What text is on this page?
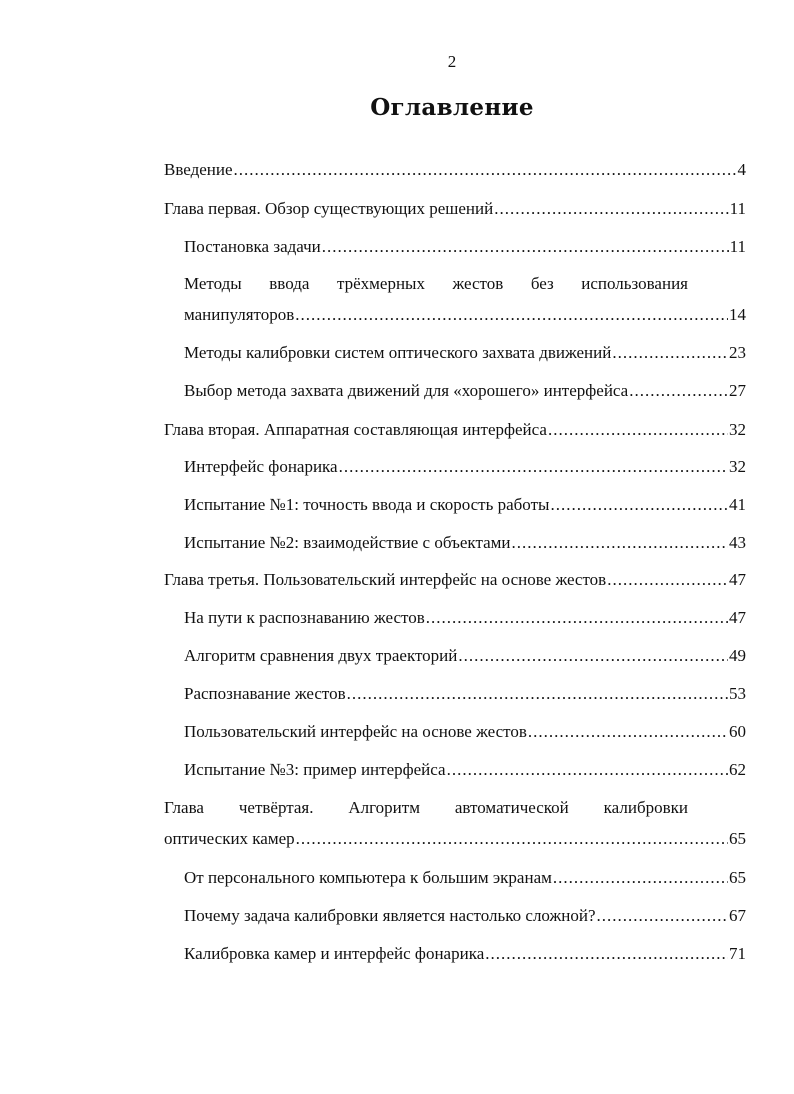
2
Оглавление
Введение .....	4
Глава первая. Обзор существующих решений .....	11
Постановка задачи .....	11
Методы ввода трёхмерных жестов без использования
манипуляторов .....	14
Методы калибровки систем оптического захвата движений .....	23
Выбор метода захвата движений для «хорошего» интерфейса .....	27
Глава вторая. Аппаратная составляющая интерфейса .....	32
Интерфейс фонарика .....	32
Испытание №1: точность ввода и скорость работы .....	41
Испытание №2: взаимодействие с объектами .....	43
Глава третья. Пользовательский интерфейс на основе жестов .....	47
На пути к распознаванию жестов .....	47
Алгоритм сравнения двух траекторий .....	49
Распознавание жестов .....	53
Пользовательский интерфейс на основе жестов .....	60
Испытание №3: пример интерфейса .....	62
Глава четвёртая. Алгоритм автоматической калибровки
оптических камер .....	65
От персонального компьютера к большим экранам .....	65
Почему задача калибровки является настолько сложной? .....	67
Калибровка камер и интерфейс фонарика .....	71
